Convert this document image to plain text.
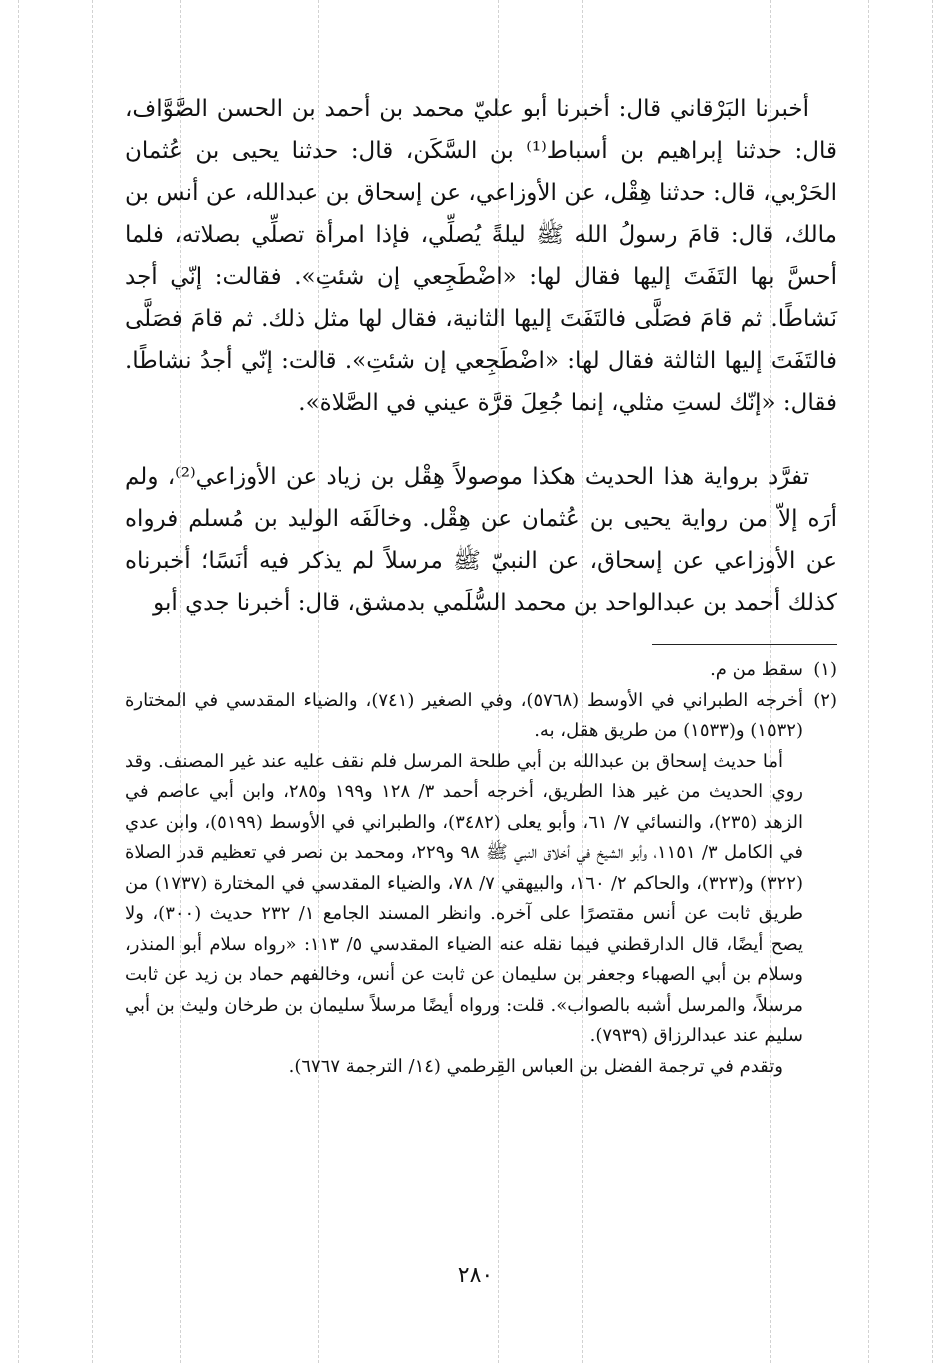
أخبرنا البَرْقاني قال: أخبرنا أبو عليّ محمد بن أحمد بن الحسن الصَّوَّاف، قال: حدثنا إبراهيم بن أسباط⁽¹⁾ بن السَّكَن، قال: حدثنا يحيى بن عُثمان الحَرْبي، قال: حدثنا هِقْل، عن الأوزاعي، عن إسحاق بن عبدالله، عن أنس بن مالك، قال: قامَ رسولُ الله ﷺ ليلةً يُصلِّي، فإذا امرأة تصلِّي بصلاته، فلما أحسَّ بها التَفَتَ إليها فقال لها: «اضْطَجِعي إن شئتِ». فقالت: إنّي أجد نَشاطًا. ثم قامَ فصَلَّى فالتَفَتَ إليها الثانية، فقال لها مثل ذلك. ثم قامَ فصَلَّى فالتَفَتَ إليها الثالثة فقال لها: «اضْطَجِعي إن شئتِ». قالت: إنّي أجدُ نشاطًا. فقال: «إنّك لستِ مثلي، إنما جُعِلَ قرَّة عيني في الصَّلاة».

تفرَّد برواية هذا الحديث هكذا موصولاً هِقْل بن زياد عن الأوزاعي⁽²⁾، ولم أرَه إلاّ من رواية يحيى بن عُثمان عن هِقْل. وخالَفَه الوليد بن مُسلم فرواه عن الأوزاعي عن إسحاق، عن النبيّ ﷺ مرسلاً لم يذكر فيه أنَسًا؛ أخبرناه كذلك أحمد بن عبدالواحد بن محمد السُّلَمي بدمشق، قال: أخبرنا جدي أبو

(١)
سقط من م.
(٢)
أخرجه الطبراني في الأوسط (٥٧٦٨)، وفي الصغير (٧٤١)، والضياء المقدسي في المختارة (١٥٣٢) و(١٥٣٣) من طريق هقل، به.
أما حديث إسحاق بن عبدالله بن أبي طلحة المرسل فلم نقف عليه عند غير المصنف. وقد روي الحديث من غير هذا الطريق، أخرجه أحمد ٣/ ١٢٨ و١٩٩ و٢٨٥، وابن أبي عاصم في الزهد (٢٣٥)، والنسائي ٧/ ٦١، وأبو يعلى (٣٤٨٢)، والطبراني في الأوسط (٥١٩٩)، وابن عدي في الكامل ٣/ ١١٥١، وأبو الشيخ في أخلاق النبي ﷺ ٩٨ و٢٢٩، ومحمد بن نصر في تعظيم قدر الصلاة (٣٢٢) و(٣٢٣)، والحاكم ٢/ ١٦٠، والبيهقي ٧/ ٧٨، والضياء المقدسي في المختارة (١٧٣٧) من طريق ثابت عن أنس مقتصرًا على آخره. وانظر المسند الجامع ١/ ٢٣٢ حديث (٣٠٠)، ولا يصح أيضًا، قال الدارقطني فيما نقله عنه الضياء المقدسي ٥/ ١١٣: «رواه سلام أبو المنذر، وسلام بن أبي الصهباء وجعفر بن سليمان عن ثابت عن أنس، وخالفهم حماد بن زيد عن ثابت مرسلاً، والمرسل أشبه بالصواب». قلت: ورواه أيضًا مرسلاً سليمان بن طرخان وليث بن أبي سليم عند عبدالرزاق (٧٩٣٩).
وتقدم في ترجمة الفضل بن العباس القِرطمي (١٤/ الترجمة ٦٧٦٧).
٢٨٠
